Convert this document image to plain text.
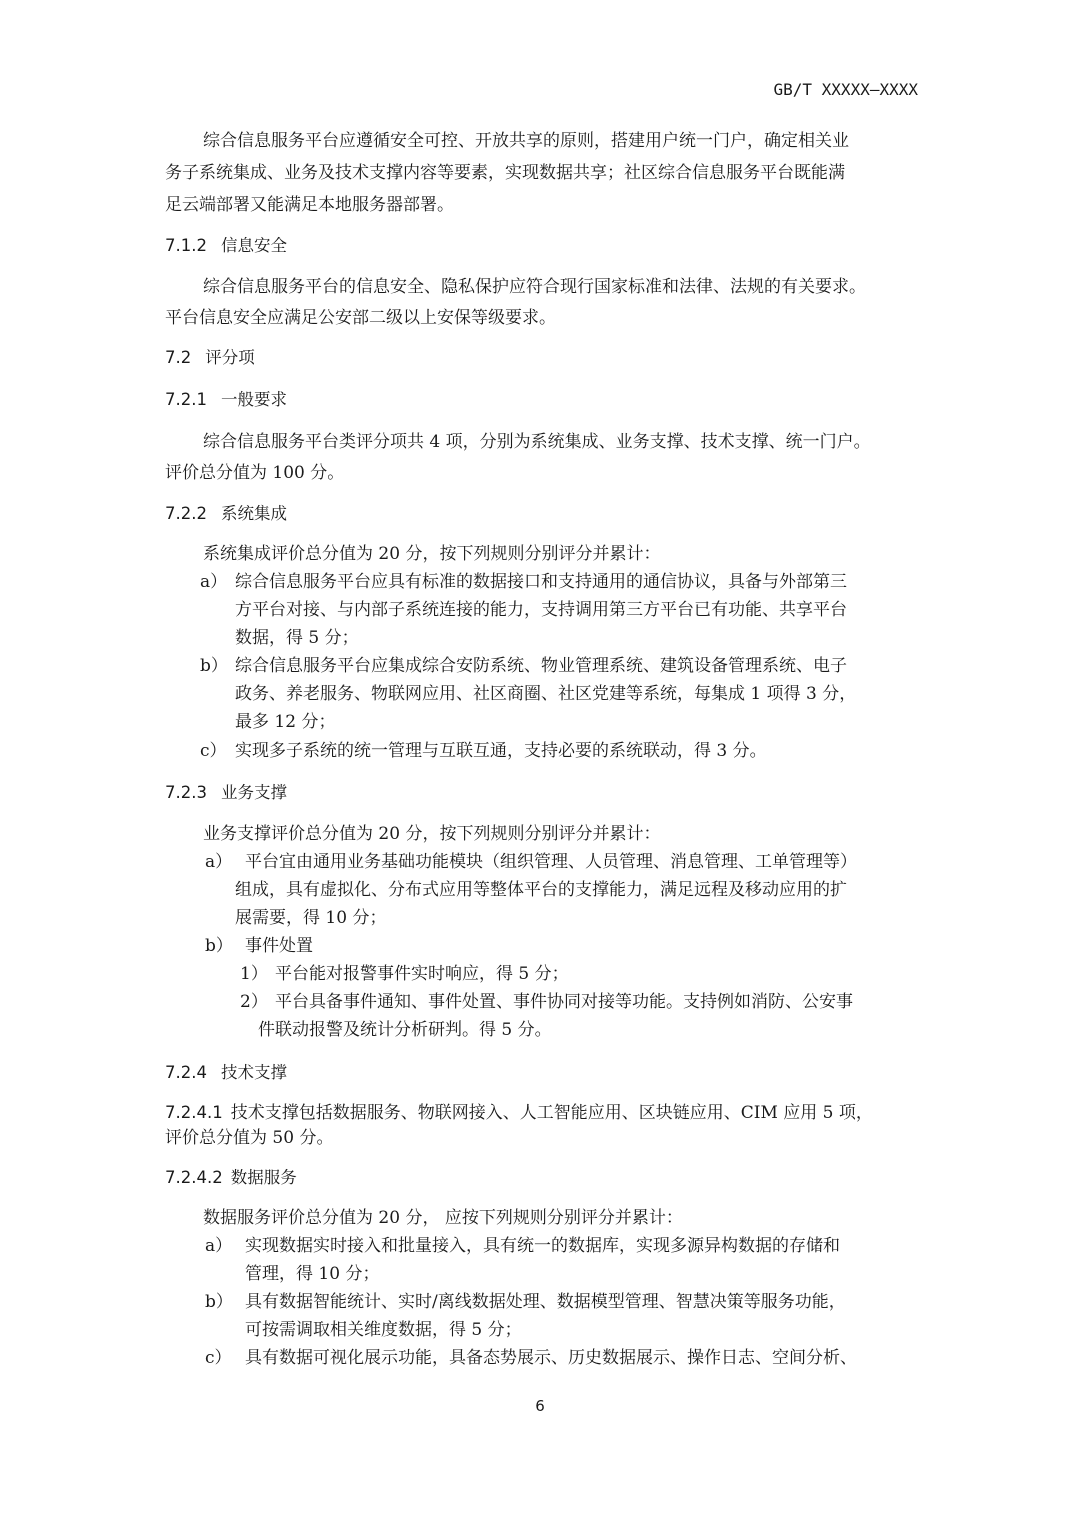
GB/T XXXXX—XXXX
综合信息服务平台应遵循安全可控、开放共享的原则，搭建用户统一门户，确定相关业
务子系统集成、业务及技术支撑内容等要素，实现数据共享；社区综合信息服务平台既能满
足云端部署又能满足本地服务器部署。
7.1.2 信息安全
综合信息服务平台的信息安全、隐私保护应符合现行国家标准和法律、法规的有关要求。
平台信息安全应满足公安部二级以上安保等级要求。
7.2 评分项
7.2.1 一般要求
综合信息服务平台类评分项共 4 项，分别为系统集成、业务支撑、技术支撑、统一门户。
评价总分值为 100 分。
7.2.2 系统集成
系统集成评价总分值为 20 分，按下列规则分别评分并累计：
a） 综合信息服务平台应具有标准的数据接口和支持通用的通信协议，具备与外部第三
方平台对接、与内部子系统连接的能力，支持调用第三方平台已有功能、共享平台
数据，得 5 分；
b） 综合信息服务平台应集成综合安防系统、物业管理系统、建筑设备管理系统、电子
政务、养老服务、物联网应用、社区商圈、社区党建等系统，每集成 1 项得 3 分，
最多 12 分；
c） 实现多子系统的统一管理与互联互通，支持必要的系统联动，得 3 分。
7.2.3 业务支撑
业务支撑评价总分值为 20 分，按下列规则分别评分并累计：
a） 平台宜由通用业务基础功能模块（组织管理、人员管理、消息管理、工单管理等）
组成，具有虚拟化、分布式应用等整体平台的支撑能力，满足远程及移动应用的扩
展需要，得 10 分；
b） 事件处置
1） 平台能对报警事件实时响应，得 5 分；
2） 平台具备事件通知、事件处置、事件协同对接等功能。支持例如消防、公安事
件联动报警及统计分析研判。得 5 分。
7.2.4 技术支撑
7.2.4.1 技术支撑包括数据服务、物联网接入、人工智能应用、区块链应用、CIM 应用 5 项，
评价总分值为 50 分。
7.2.4.2 数据服务
数据服务评价总分值为 20 分， 应按下列规则分别评分并累计：
a） 实现数据实时接入和批量接入，具有统一的数据库，实现多源异构数据的存储和
管理，得 10 分；
b） 具有数据智能统计、实时/离线数据处理、数据模型管理、智慧决策等服务功能，
可按需调取相关维度数据，得 5 分；
c） 具有数据可视化展示功能，具备态势展示、历史数据展示、操作日志、空间分析、
6
